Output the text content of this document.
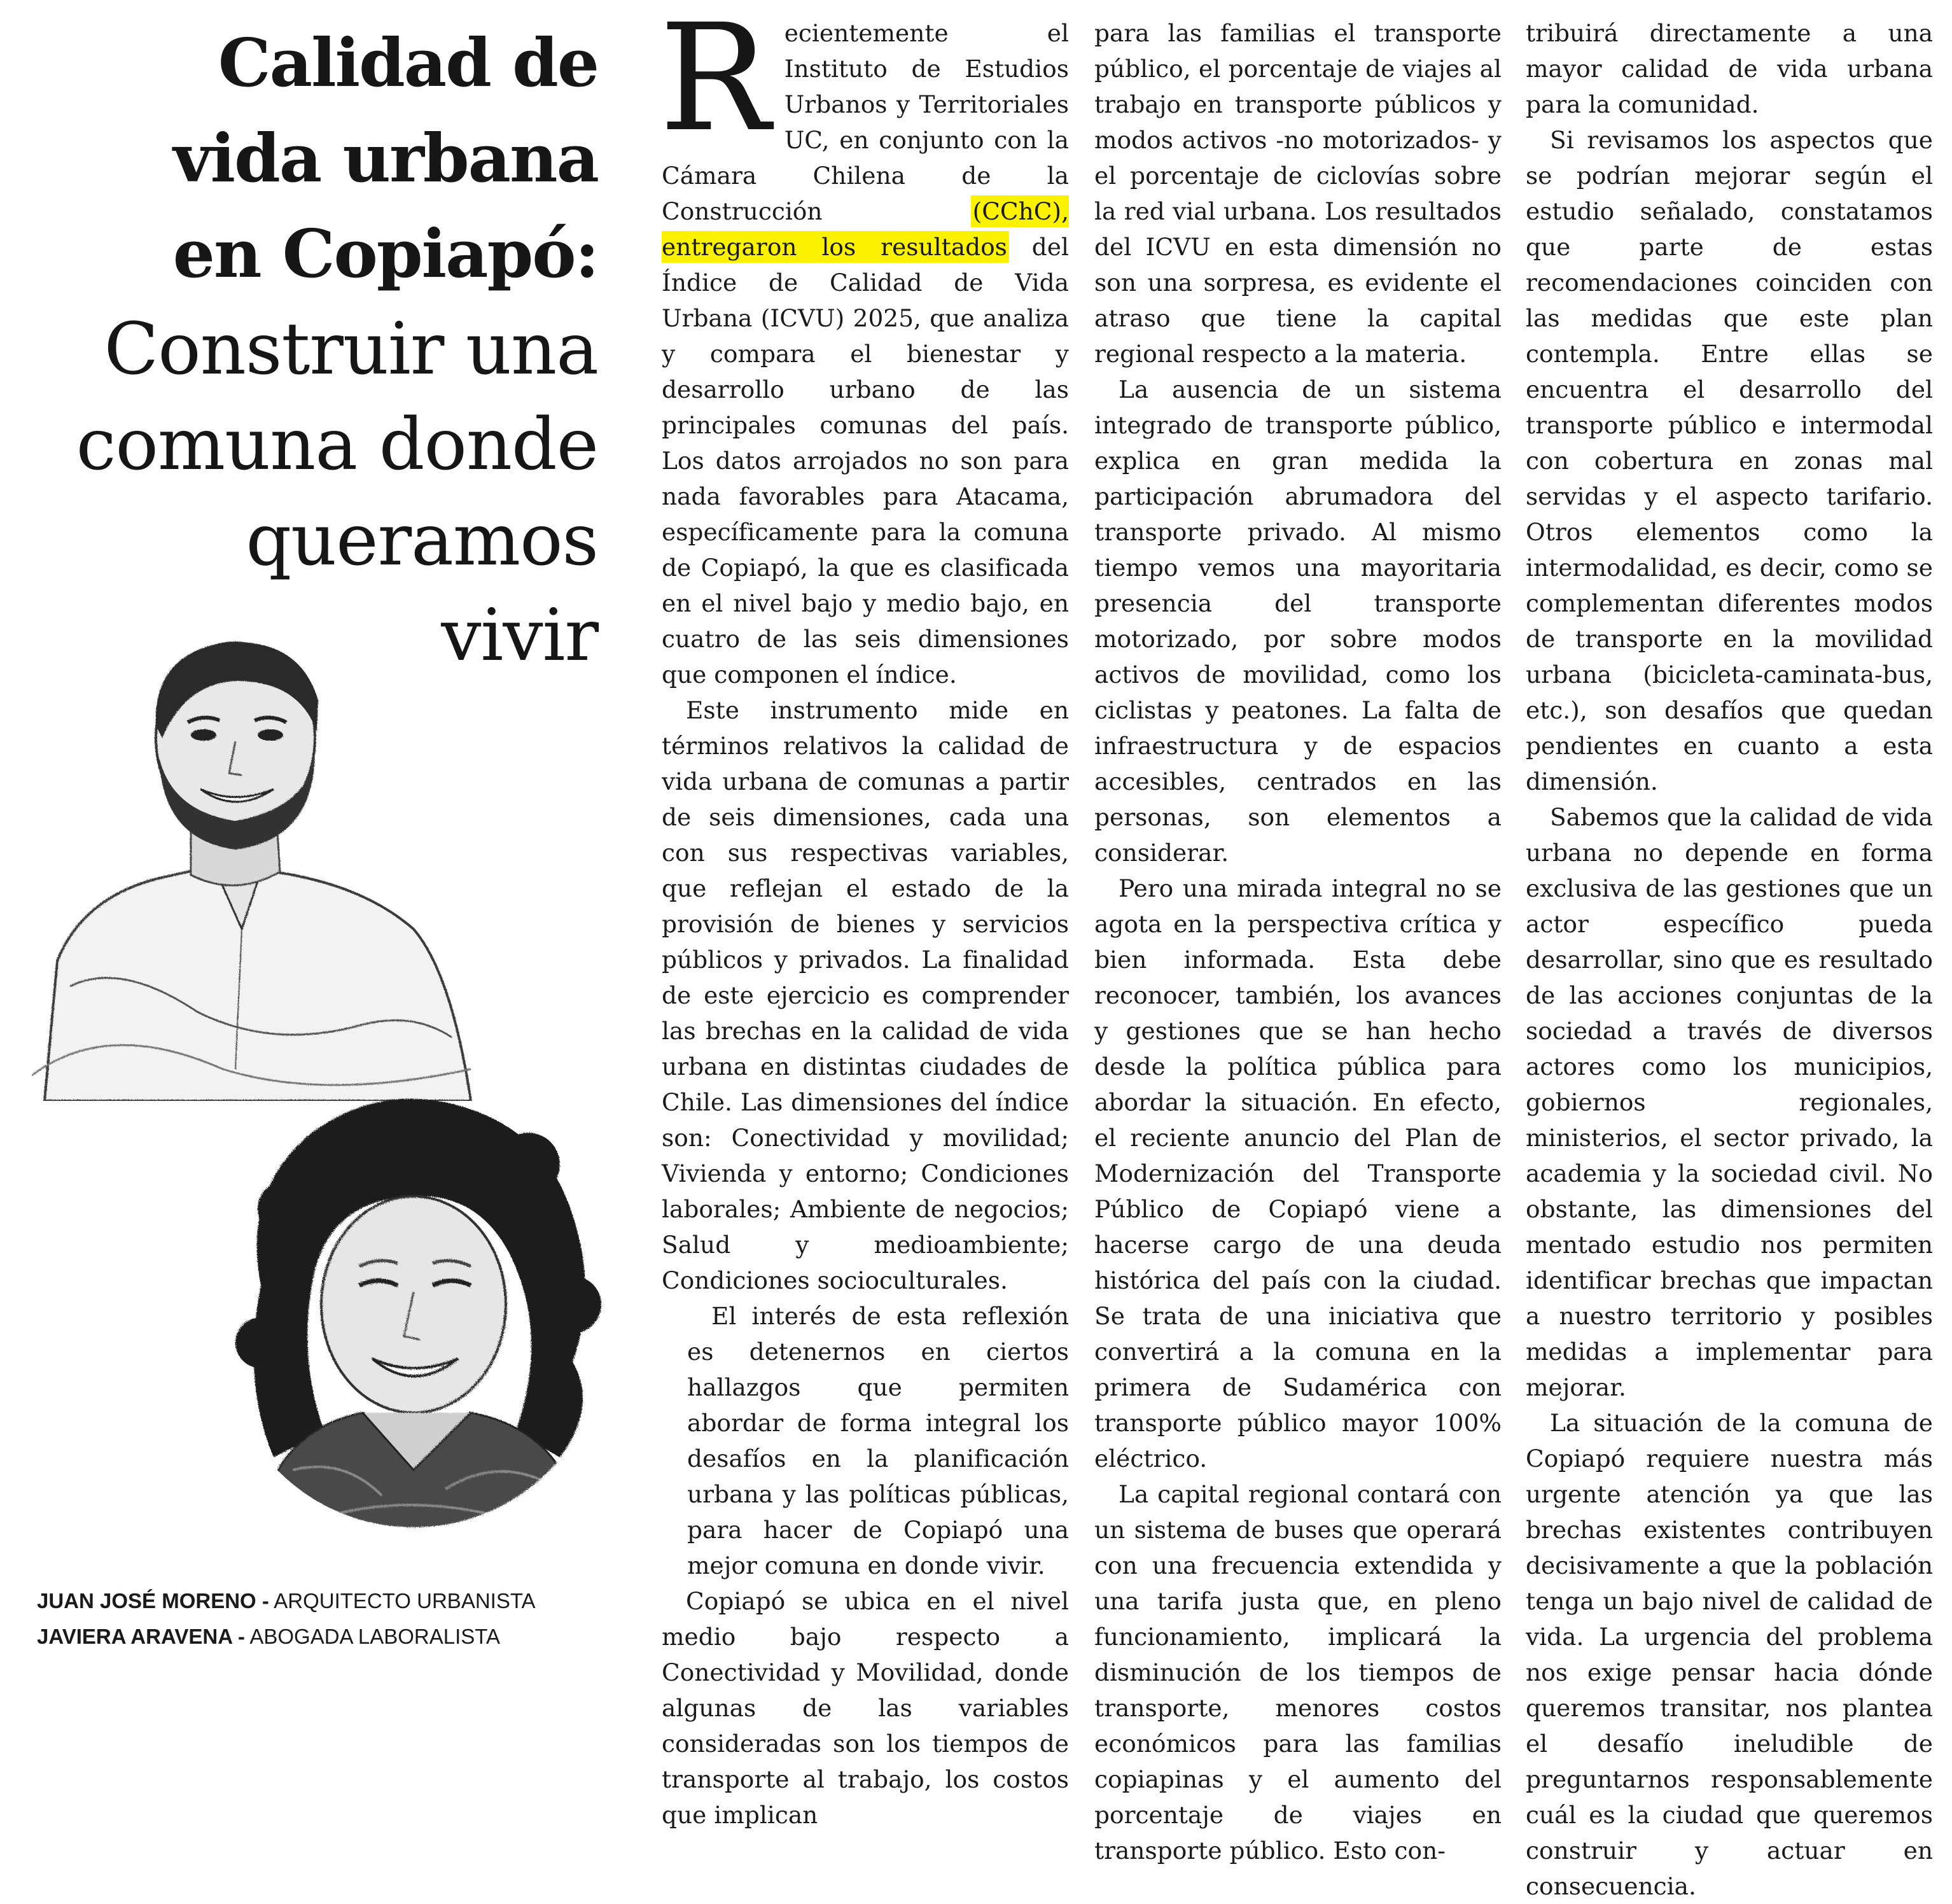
Calidad de
vida urbana
en Copiapó:
Construir una
comuna donde
queramos
vivir
JUAN JOSÉ MORENO - ARQUITECTO URBANISTA
JAVIERA ARAVENA - ABOGADA LABORALISTA

Recientemente el Instituto de Estudios Urbanos y Territoriales UC, en conjunto con la Cámara Chilena de la Construcción (CChC), entregaron los resultados del Índice de Calidad de Vida Urbana (ICVU) 2025, que analiza y compara el bienestar y desarrollo urbano de las principales comunas del país. Los datos arrojados no son para nada favorables para Atacama, específicamente para la comuna de Copiapó, la que es clasificada en el nivel bajo y medio bajo, en cuatro de las seis dimensiones que componen el índice.

Este instrumento mide en términos relativos la calidad de vida urbana de comunas a partir de seis dimensiones, cada una con sus respectivas variables, que reflejan el estado de la provisión de bienes y servicios públicos y privados. La finalidad de este ejercicio es comprender las brechas en la calidad de vida urbana en distintas ciudades de Chile. Las dimensiones del índice son: Conectividad y movilidad; Vivienda y entorno; Condiciones laborales; Ambiente de negocios; Salud y medioambiente; Condiciones socioculturales.

El interés de esta reflexión es detenernos en ciertos hallazgos que permiten abordar de forma integral los desafíos en la planificación urbana y las políticas públicas, para hacer de Copiapó una mejor comuna en donde vivir.

Copiapó se ubica en el nivel medio bajo respecto a Conectividad y Movilidad, donde algunas de las variables consideradas son los tiempos de transporte al trabajo, los costos que implican

para las familias el transporte público, el porcentaje de viajes al trabajo en transporte públicos y modos activos -no motorizados- y el porcentaje de ciclovías sobre la red vial urbana. Los resultados del ICVU en esta dimensión no son una sorpresa, es evidente el atraso que tiene la capital regional respecto a la materia.

La ausencia de un sistema integrado de transporte público, explica en gran medida la participación abrumadora del transporte privado. Al mismo tiempo vemos una mayoritaria presencia del transporte motorizado, por sobre modos activos de movilidad, como los ciclistas y peatones. La falta de infraestructura y de espacios accesibles, centrados en las personas, son elementos a considerar.

Pero una mirada integral no se agota en la perspectiva crítica y bien informada. Esta debe reconocer, también, los avances y gestiones que se han hecho desde la política pública para abordar la situación. En efecto, el reciente anuncio del Plan de Modernización del Transporte Público de Copiapó viene a hacerse cargo de una deuda histórica del país con la ciudad. Se trata de una iniciativa que convertirá a la comuna en la primera de Sudamérica con transporte público mayor 100% eléctrico.

La capital regional contará con un sistema de buses que operará con una frecuencia extendida y una tarifa justa que, en pleno funcionamiento, implicará la disminución de los tiempos de transporte, menores costos económicos para las familias copiapinas y el aumento del porcentaje de viajes en transporte público. Esto con-

tribuirá directamente a una mayor calidad de vida urbana para la comunidad.

Si revisamos los aspectos que se podrían mejorar según el estudio señalado, constatamos que parte de estas recomendaciones coinciden con las medidas que este plan contempla. Entre ellas se encuentra el desarrollo del transporte público e intermodal con cobertura en zonas mal servidas y el aspecto tarifario. Otros elementos como la intermodalidad, es decir, como se complementan diferentes modos de transporte en la movilidad urbana (bicicleta-caminata-bus, etc.), son desafíos que quedan pendientes en cuanto a esta dimensión.

Sabemos que la calidad de vida urbana no depende en forma exclusiva de las gestiones que un actor específico pueda desarrollar, sino que es resultado de las acciones conjuntas de la sociedad a través de diversos actores como los municipios, gobiernos regionales, ministerios, el sector privado, la academia y la sociedad civil. No obstante, las dimensiones del mentado estudio nos permiten identificar brechas que impactan a nuestro territorio y posibles medidas a implementar para mejorar.

La situación de la comuna de Copiapó requiere nuestra más urgente atención ya que las brechas existentes contribuyen decisivamente a que la población tenga un bajo nivel de calidad de vida. La urgencia del problema nos exige pensar hacia dónde queremos transitar, nos plantea el desafío ineludible de preguntarnos responsablemente cuál es la ciudad que queremos construir y actuar en consecuencia.
